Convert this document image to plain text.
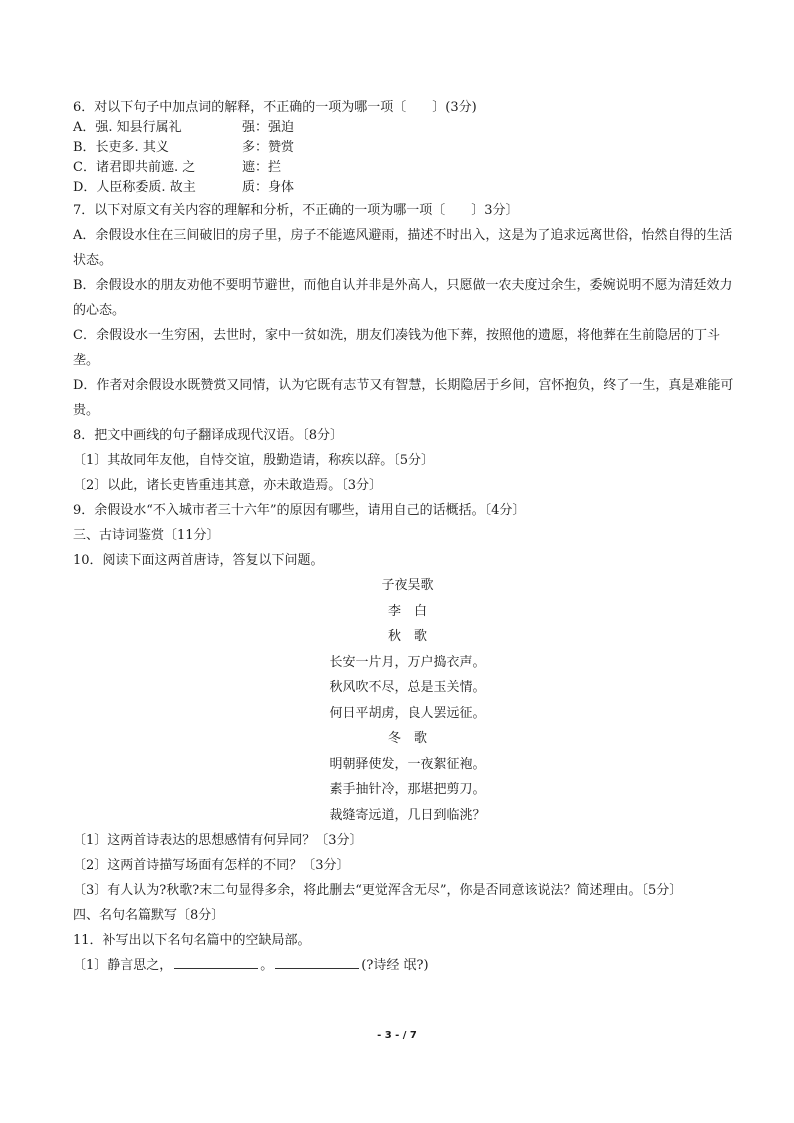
6．对以下句子中加点词的解释，不正确的一项为哪一项〔　　〕(3分)
A．强. 知县行属礼	强：强迫
B．长吏多. 其义	多：赞赏
C．诸君即共前遮. 之	遮：拦
D．人臣称委质. 故主	质：身体
7．以下对原文有关内容的理解和分析，不正确的一项为哪一项〔　　〕3分〕
A．余假设水住在三间破旧的房子里，房子不能遮风避雨，描述不时出入，这是为了追求远离世俗，怡然自得的生活状态。
B．余假设水的朋友劝他不要明节避世，而他自认并非是外高人，只愿做一农夫度过余生，委婉说明不愿为清廷效力的心态。
C．余假设水一生穷困，去世时，家中一贫如洗，朋友们凑钱为他下葬，按照他的遗愿，将他葬在生前隐居的丁斗垄。
D．作者对余假设水既赞赏又同情，认为它既有志节又有智慧，长期隐居于乡间，宫怀抱负，终了一生，真是难能可贵。
8．把文中画线的句子翻译成现代汉语。〔8分〕
〔1〕其故同年友他，自恃交谊，殷勤造请，称疾以辞。〔5分〕
〔2〕以此，诸长吏皆重违其意，亦未敢造焉。〔3分〕
9．余假设水“不入城市者三十六年”的原因有哪些，请用自己的话概括。〔4分〕
三、古诗词鉴赏〔11分〕
10．阅读下面这两首唐诗，答复以下问题。
子夜吴歌
李　白
秋　歌
长安一片月，万户捣衣声。
秋风吹不尽，总是玉关情。
何日平胡虏，良人罢远征。
冬　歌
明朝驿使发，一夜絮征袍。
素手抽针冷，那堪把剪刀。
裁缝寄远道，几日到临洮？
〔1〕这两首诗表达的思想感情有何异同？〔3分〕
〔2〕这两首诗描写场面有怎样的不同？〔3分〕
〔3〕有人认为?秋歌?末二句显得多余，将此删去“更觉浑含无尽”，你是否同意该说法？简述理由。〔5分〕
四、名句名篇默写〔8分〕
11．补写出以下名句名篇中的空缺局部。
〔1〕静言思之，	。	(?诗经 氓?)
- 3 - / 7
